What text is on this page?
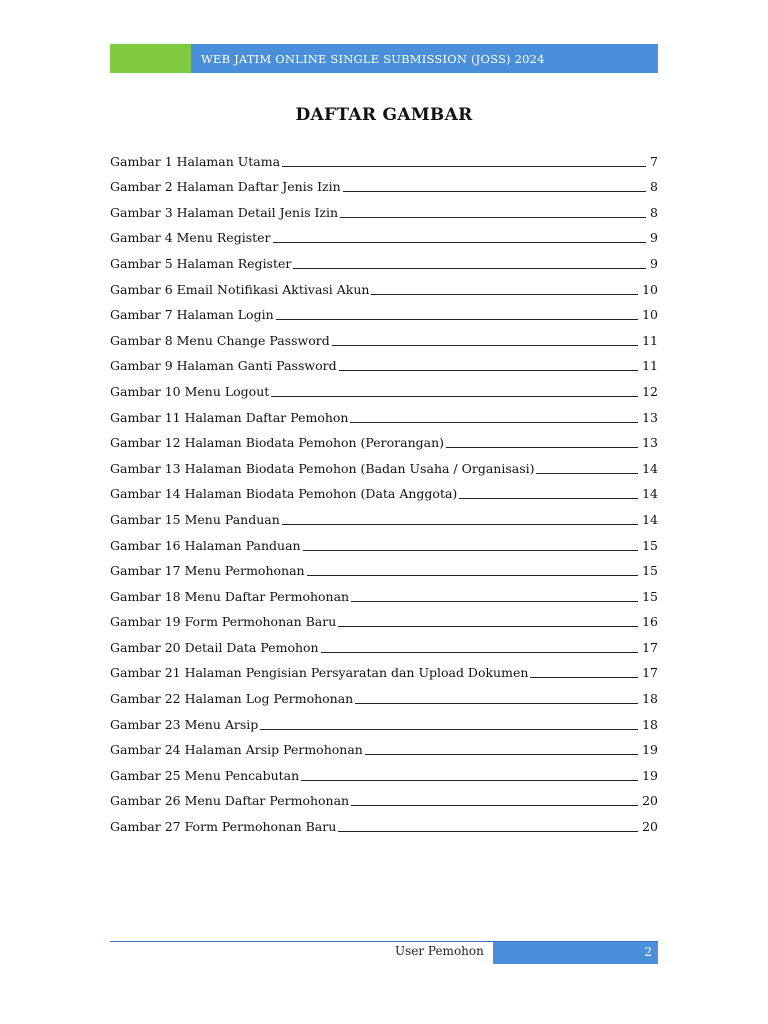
WEB JATIM ONLINE SINGLE SUBMISSION (JOSS) 2024
DAFTAR GAMBAR
Gambar 1 Halaman Utama	7
Gambar 2 Halaman Daftar Jenis Izin	8
Gambar 3 Halaman Detail Jenis Izin	8
Gambar 4 Menu Register	9
Gambar 5 Halaman Register	9
Gambar 6 Email Notifikasi Aktivasi Akun	10
Gambar 7 Halaman Login	10
Gambar 8 Menu Change Password	11
Gambar 9 Halaman Ganti Password	11
Gambar 10 Menu Logout	12
Gambar 11 Halaman Daftar Pemohon	13
Gambar 12 Halaman Biodata Pemohon (Perorangan)	13
Gambar 13 Halaman Biodata Pemohon (Badan Usaha / Organisasi)	14
Gambar 14 Halaman Biodata Pemohon (Data Anggota)	14
Gambar 15 Menu Panduan	14
Gambar 16 Halaman Panduan	15
Gambar 17 Menu Permohonan	15
Gambar 18 Menu Daftar Permohonan	15
Gambar 19 Form Permohonan Baru	16
Gambar 20 Detail Data Pemohon	17
Gambar 21 Halaman Pengisian Persyaratan dan Upload Dokumen	17
Gambar 22 Halaman Log Permohonan	18
Gambar 23 Menu Arsip	18
Gambar 24 Halaman Arsip Permohonan	19
Gambar 25 Menu Pencabutan	19
Gambar 26 Menu Daftar Permohonan	20
Gambar 27 Form Permohonan Baru	20
User Pemohon	2
